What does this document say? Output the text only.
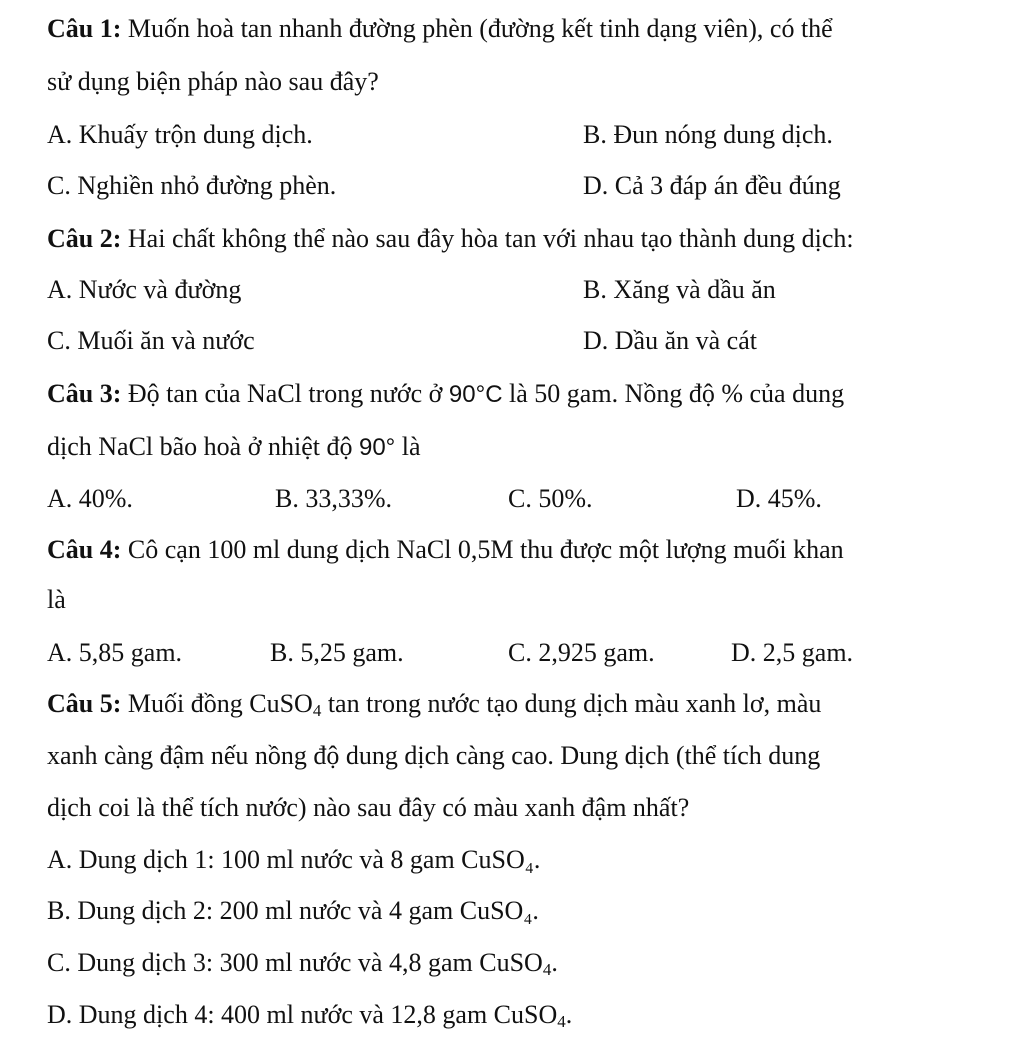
Câu 1: Muốn hoà tan nhanh đường phèn (đường kết tinh dạng viên), có thể
sử dụng biện pháp nào sau đây?
A. Khuấy trộn dung dịch.	B. Đun nóng dung dịch.
C. Nghiền nhỏ đường phèn.	D. Cả 3 đáp án đều đúng
Câu 2: Hai chất không thể nào sau đây hòa tan với nhau tạo thành dung dịch:
A. Nước và đường	B. Xăng và dầu ăn
C. Muối ăn và nước	D. Dầu ăn và cát
Câu 3: Độ tan của NaCl trong nước ở 90°C là 50 gam. Nồng độ % của dung
dịch NaCl bão hoà ở nhiệt độ 90° là
A. 40%.	B. 33,33%.	C. 50%.	D. 45%.
Câu 4: Cô cạn 100 ml dung dịch NaCl 0,5M thu được một lượng muối khan
là
A. 5,85 gam.	B. 5,25 gam.	C. 2,925 gam.	D. 2,5 gam.
Câu 5: Muối đồng CuSO$_4$ tan trong nước tạo dung dịch màu xanh lơ, màu
xanh càng đậm nếu nồng độ dung dịch càng cao. Dung dịch (thể tích dung
dịch coi là thể tích nước) nào sau đây có màu xanh đậm nhất?
A. Dung dịch 1: 100 ml nước và 8 gam CuSO₄.
B. Dung dịch 2: 200 ml nước và 4 gam CuSO₄.
C. Dung dịch 3: 300 ml nước và 4,8 gam CuSO$_4$.
D. Dung dịch 4: 400 ml nước và 12,8 gam CuSO$_4$.
